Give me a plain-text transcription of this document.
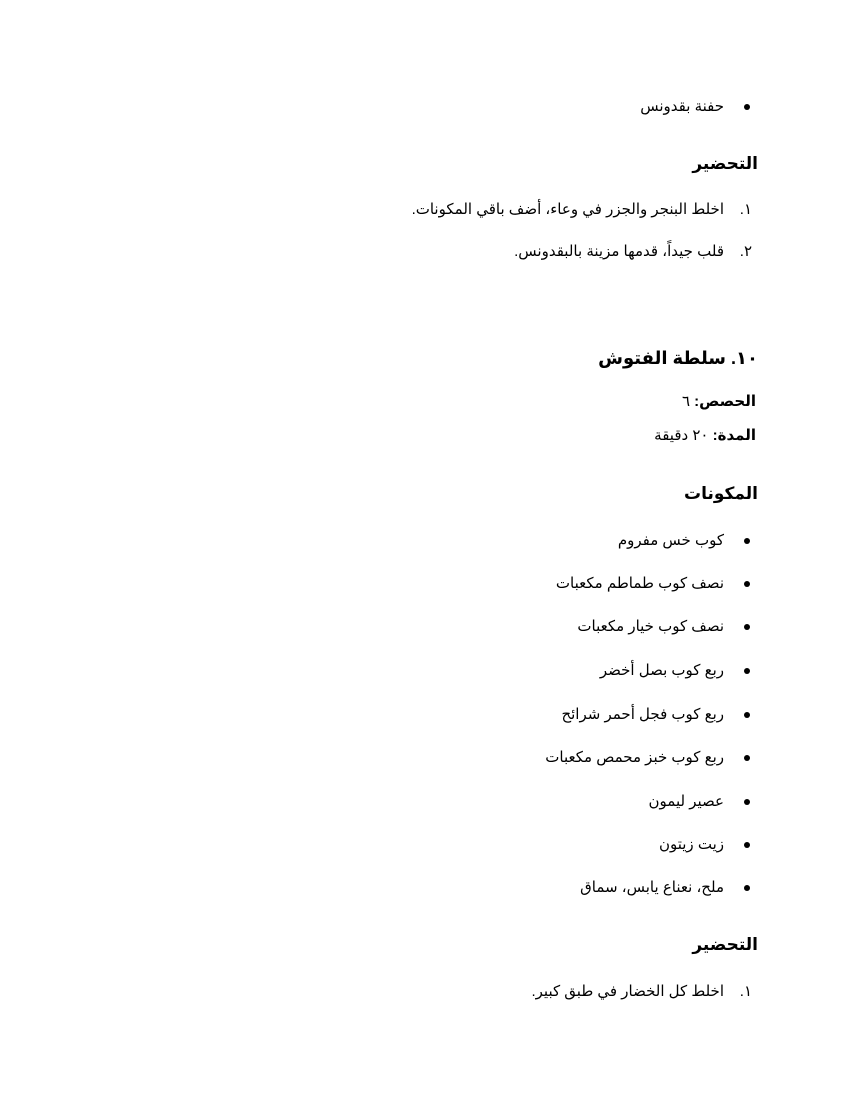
حفنة بقدونس
التحضير
١.
اخلط البنجر والجزر في وعاء، أضف باقي المكونات.
٢.
قلب جيداً، قدمها مزينة بالبقدونس.
١٠. سلطة الفتوش
الحصص: ٦
المدة: ٢٠ دقيقة
المكونات
كوب خس مفروم
نصف كوب طماطم مكعبات
نصف كوب خيار مكعبات
ربع كوب بصل أخضر
ربع كوب فجل أحمر شرائح
ربع كوب خبز محمص مكعبات
عصير ليمون
زيت زيتون
ملح، نعناع يابس، سماق
التحضير
١.
اخلط كل الخضار في طبق كبير.
